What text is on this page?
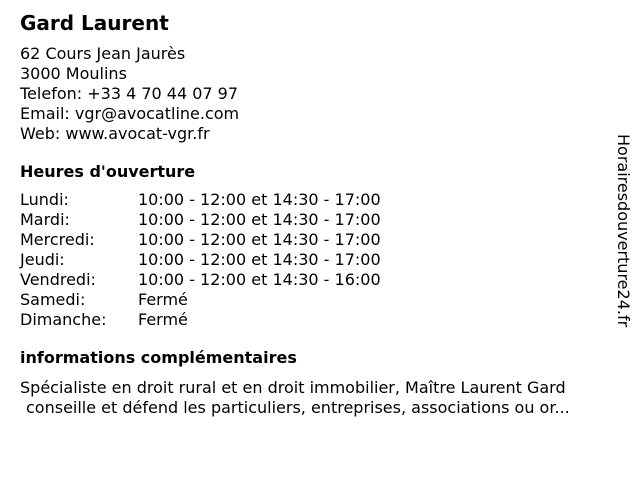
Gard Laurent
62 Cours Jean Jaurès
3000 Moulins
Telefon: +33 4 70 44 07 97
Email: vgr@avocatline.com
Web: www.avocat-vgr.fr
Heures d'ouverture
Lundi:	10:00 - 12:00 et 14:30 - 17:00
Mardi:	10:00 - 12:00 et 14:30 - 17:00
Mercredi:	10:00 - 12:00 et 14:30 - 17:00
Jeudi:	10:00 - 12:00 et 14:30 - 17:00
Vendredi:	10:00 - 12:00 et 14:30 - 16:00
Samedi:	Fermé
Dimanche:	Fermé
informations complémentaires
Spécialiste en droit rural et en droit immobilier, Maître Laurent Gard
conseille et défend les particuliers, entreprises, associations ou or...
Horairesdouverture24.fr
